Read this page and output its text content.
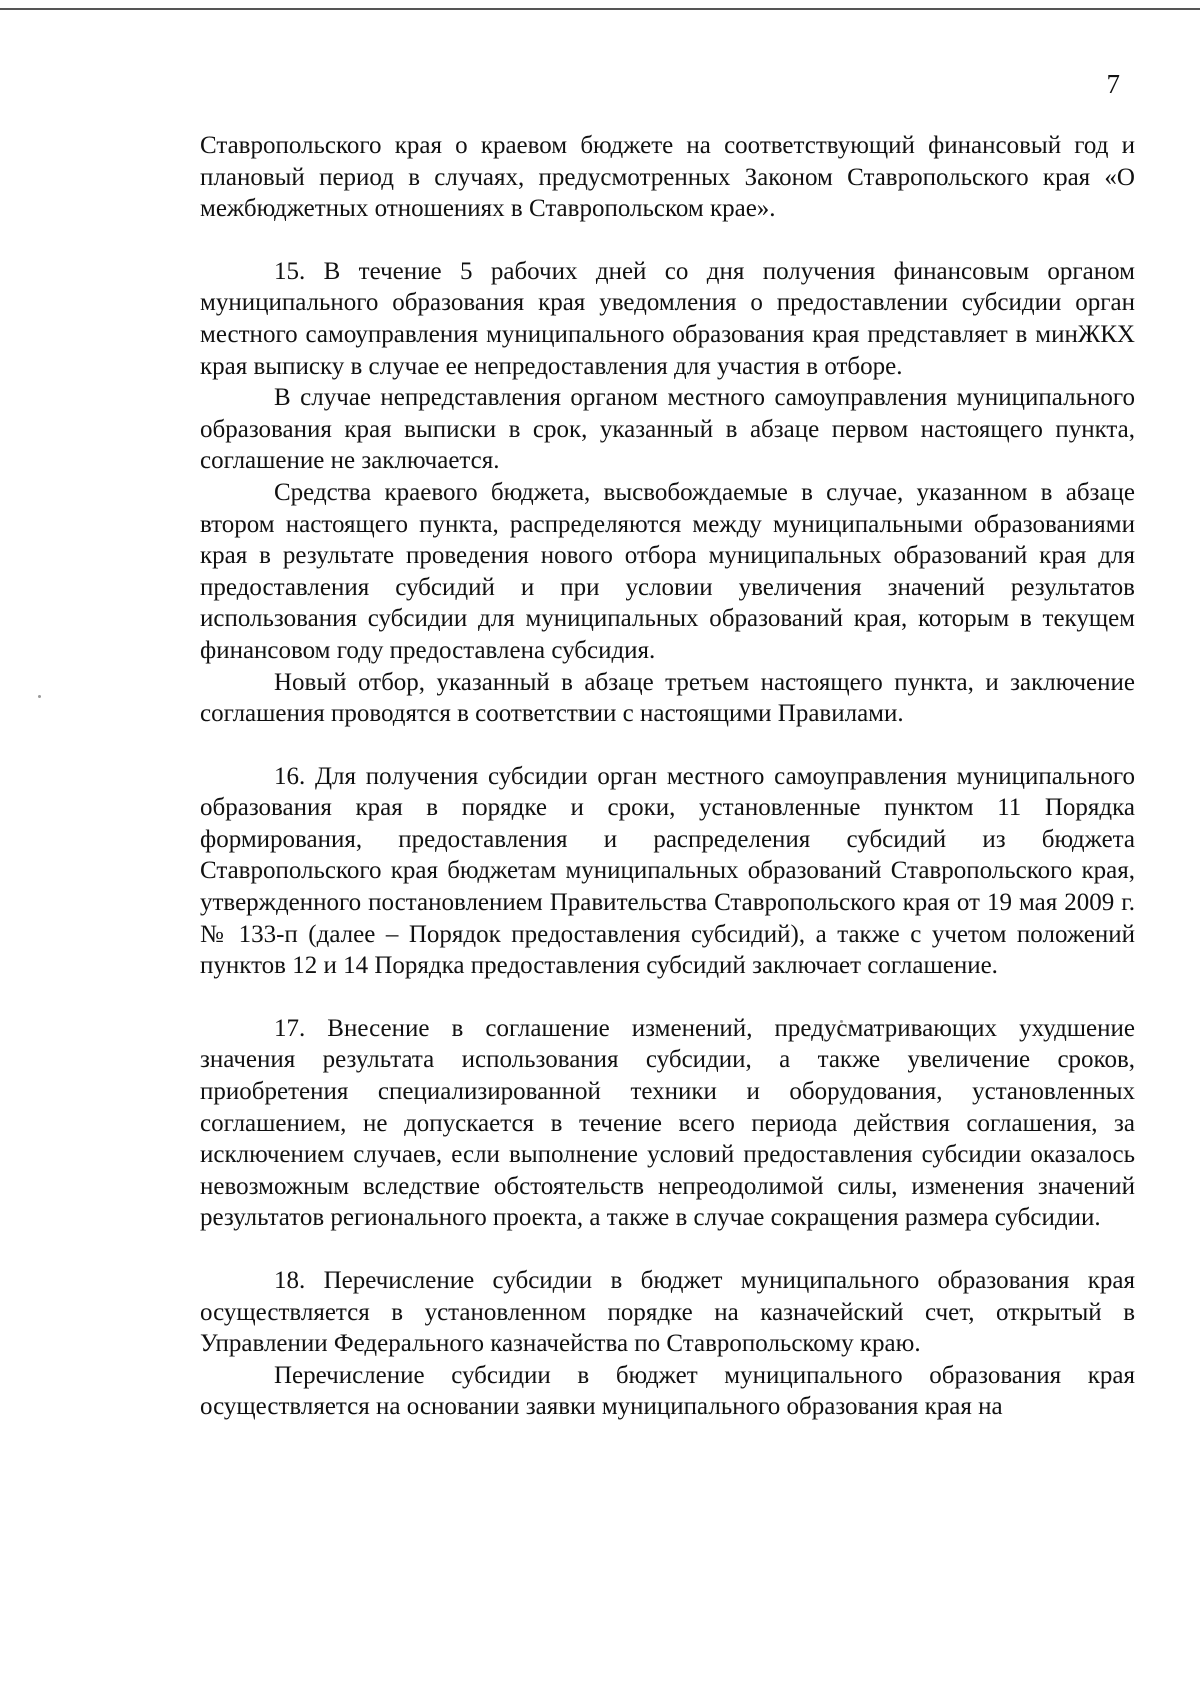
7

Ставропольского края о краевом бюджете на соответствующий финансовый год и плановый период в случаях, предусмотренных Законом Ставропольского края «О межбюджетных отношениях в Ставропольском крае».

15. В течение 5 рабочих дней со дня получения финансовым органом муниципального образования края уведомления о предоставлении субсидии орган местного самоуправления муниципального образования края представляет в минЖКХ края выписку в случае ее непредоставления для участия в отборе.

В случае непредставления органом местного самоуправления муниципального образования края выписки в срок, указанный в абзаце первом настоящего пункта, соглашение не заключается.

Средства краевого бюджета, высвобождаемые в случае, указанном в абзаце втором настоящего пункта, распределяются между муниципальными образованиями края в результате проведения нового отбора муниципальных образований края для предоставления субсидий и при условии увеличения значений результатов использования субсидии для муниципальных образований края, которым в текущем финансовом году предоставлена субсидия.

Новый отбор, указанный в абзаце третьем настоящего пункта, и заключение соглашения проводятся в соответствии с настоящими Правилами.

16. Для получения субсидии орган местного самоуправления муниципального образования края в порядке и сроки, установленные пунктом 11 Порядка формирования, предоставления и распределения субсидий из бюджета Ставропольского края бюджетам муниципальных образований Ставропольского края, утвержденного постановлением Правительства Ставропольского края от 19 мая 2009 г. № 133-п (далее – Порядок предоставления субсидий), а также с учетом положений пунктов 12 и 14 Порядка предоставления субсидий заключает соглашение.

17. Внесение в соглашение изменений, предусматривающих ухудшение значения результата использования субсидии, а также увеличение сроков, приобретения специализированной техники и оборудования, установленных соглашением, не допускается в течение всего периода действия соглашения, за исключением случаев, если выполнение условий предоставления субсидии оказалось невозможным вследствие обстоятельств непреодолимой силы, изменения значений результатов регионального проекта, а также в случае сокращения размера субсидии.

18. Перечисление субсидии в бюджет муниципального образования края осуществляется в установленном порядке на казначейский счет, открытый в Управлении Федерального казначейства по Ставропольскому краю.

Перечисление субсидии в бюджет муниципального образования края осуществляется на основании заявки муниципального образования края на
